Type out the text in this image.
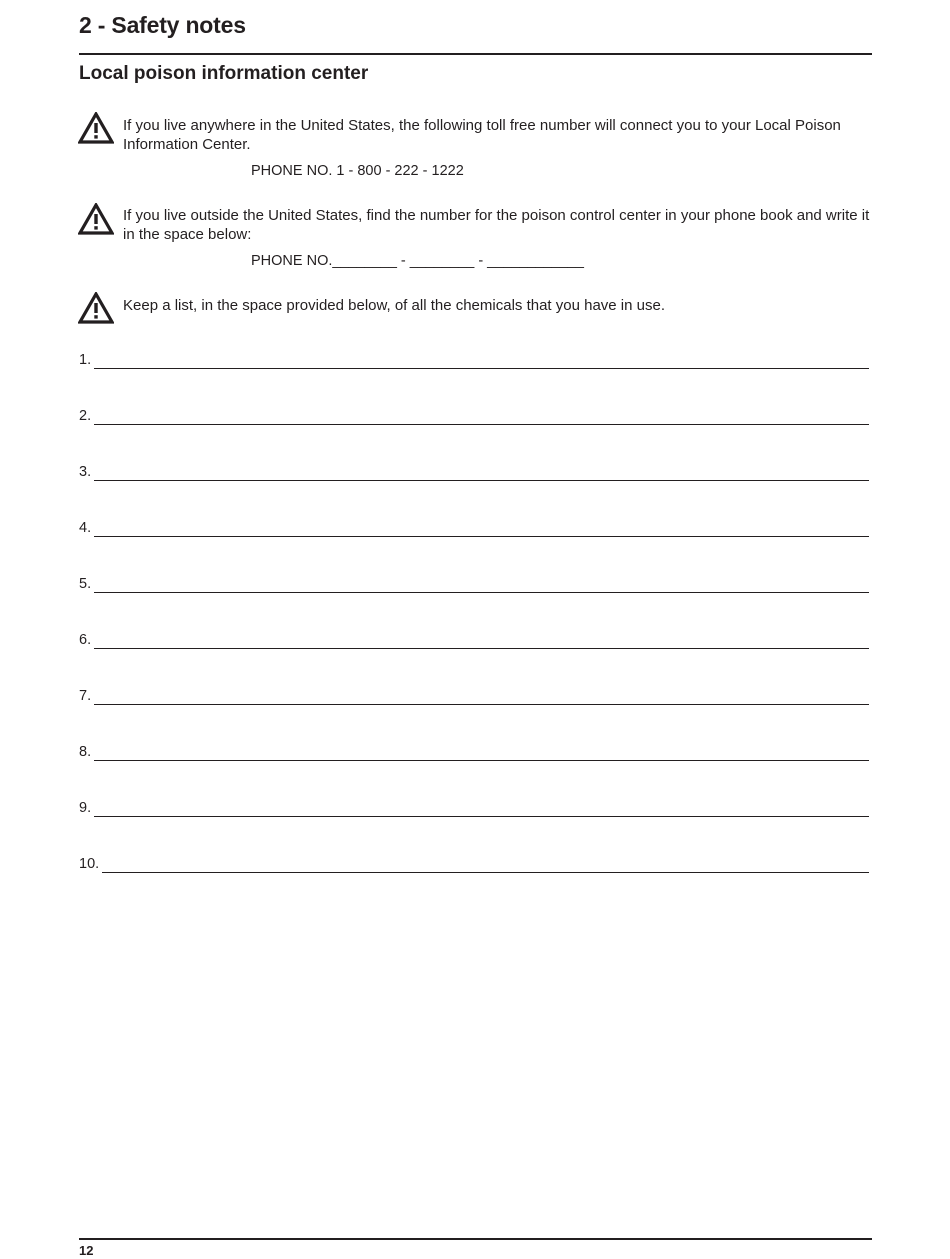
2 - Safety notes
Local poison information center
If you live anywhere in the United States, the following toll free number will connect you to your Local Poison Information Center.
PHONE NO. 1 - 800 - 222 - 1222
If you live outside the United States, find the number for the poison control center in your phone book and write it in the space below:
PHONE NO.________ - ________ - ____________
Keep a list, in the space provided below, of all the chemicals that you have in use.
1.
2.
3.
4.
5.
6.
7.
8.
9.
10.
12
